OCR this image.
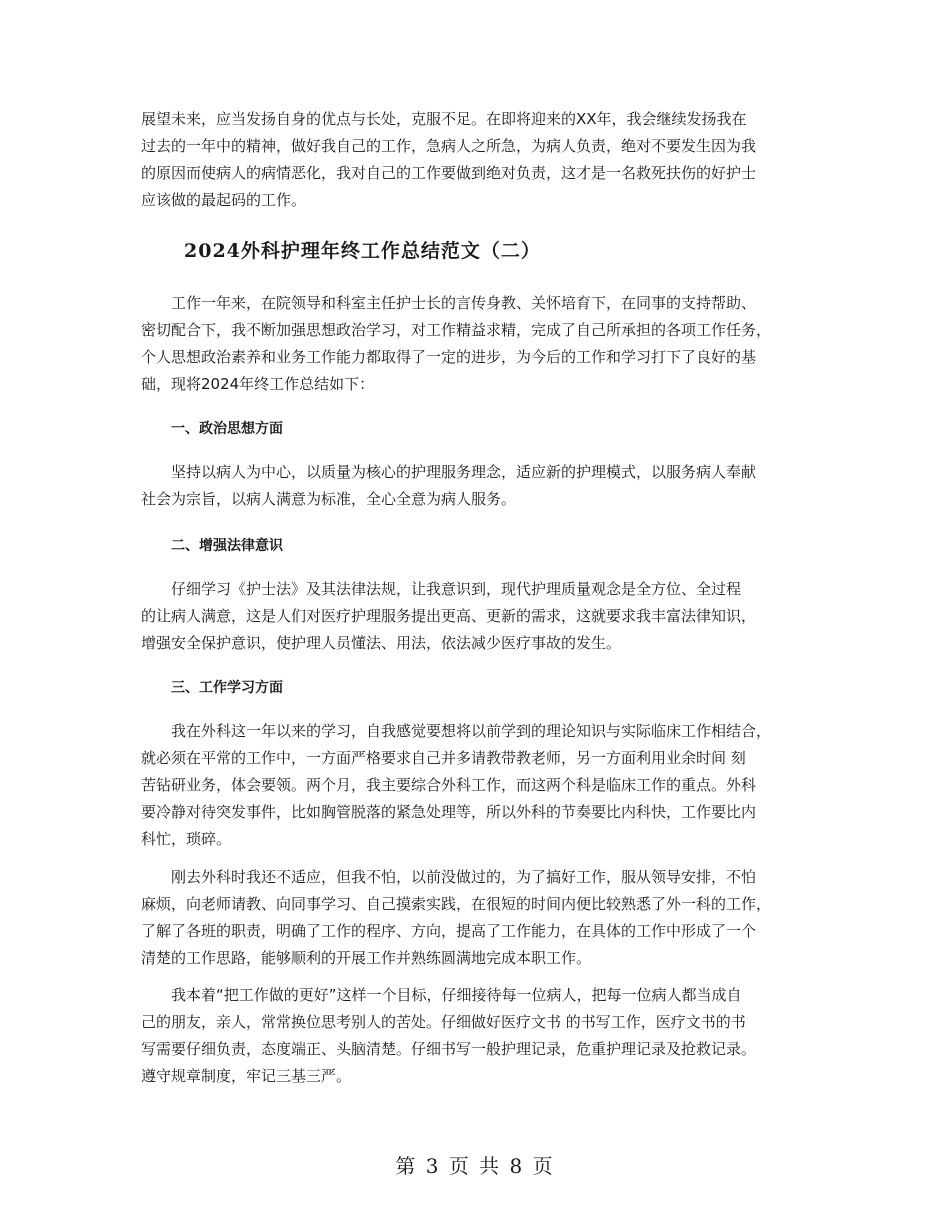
展望未来，应当发扬自身的优点与长处，克服不足。在即将迎来的XX年，我会继续发扬我在
过去的一年中的精神，做好我自己的工作，急病人之所急，为病人负责，绝对不要发生因为我
的原因而使病人的病情恶化，我对自己的工作要做到绝对负责，这才是一名救死扶伤的好护士
应该做的最起码的工作。

2024外科护理年终工作总结范文（二）

　　工作一年来，在院领导和科室主任护士长的言传身教、关怀培育下，在同事的支持帮助、
密切配合下，我不断加强思想政治学习，对工作精益求精，完成了自己所承担的各项工作任务，
个人思想政治素养和业务工作能力都取得了一定的进步，为今后的工作和学习打下了良好的基
础，现将2024年终工作总结如下：

一、政治思想方面

　　坚持以病人为中心，以质量为核心的护理服务理念，适应新的护理模式，以服务病人奉献
社会为宗旨，以病人满意为标准，全心全意为病人服务。

二、增强法律意识

　　仔细学习《护士法》及其法律法规，让我意识到，现代护理质量观念是全方位、全过程
的让病人满意，这是人们对医疗护理服务提出更高、更新的需求，这就要求我丰富法律知识，
增强安全保护意识，使护理人员懂法、用法，依法减少医疗事故的发生。

三、工作学习方面

　　我在外科这一年以来的学习，自我感觉要想将以前学到的理论知识与实际临床工作相结合，
就必须在平常的工作中，一方面严格要求自己并多请教带教老师，另一方面利用业余时间 刻
苦钻研业务，体会要领。两个月，我主要综合外科工作，而这两个科是临床工作的重点。外科
要冷静对待突发事件，比如胸管脱落的紧急处理等，所以外科的节奏要比内科快，工作要比内
科忙，琐碎。

　　刚去外科时我还不适应，但我不怕，以前没做过的，为了搞好工作，服从领导安排，不怕
麻烦，向老师请教、向同事学习、自己摸索实践，在很短的时间内便比较熟悉了外一科的工作，
了解了各班的职责，明确了工作的程序、方向，提高了工作能力，在具体的工作中形成了一个
清楚的工作思路，能够顺利的开展工作并熟练圆满地完成本职工作。

　　我本着“把工作做的更好”这样一个目标，仔细接待每一位病人，把每一位病人都当成自
己的朋友，亲人，常常换位思考别人的苦处。仔细做好医疗文书 的书写工作，医疗文书的书
写需要仔细负责，态度端正、头脑清楚。仔细书写一般护理记录，危重护理记录及抢救记录。
遵守规章制度，牢记三基三严。

第 3 页 共 8 页
